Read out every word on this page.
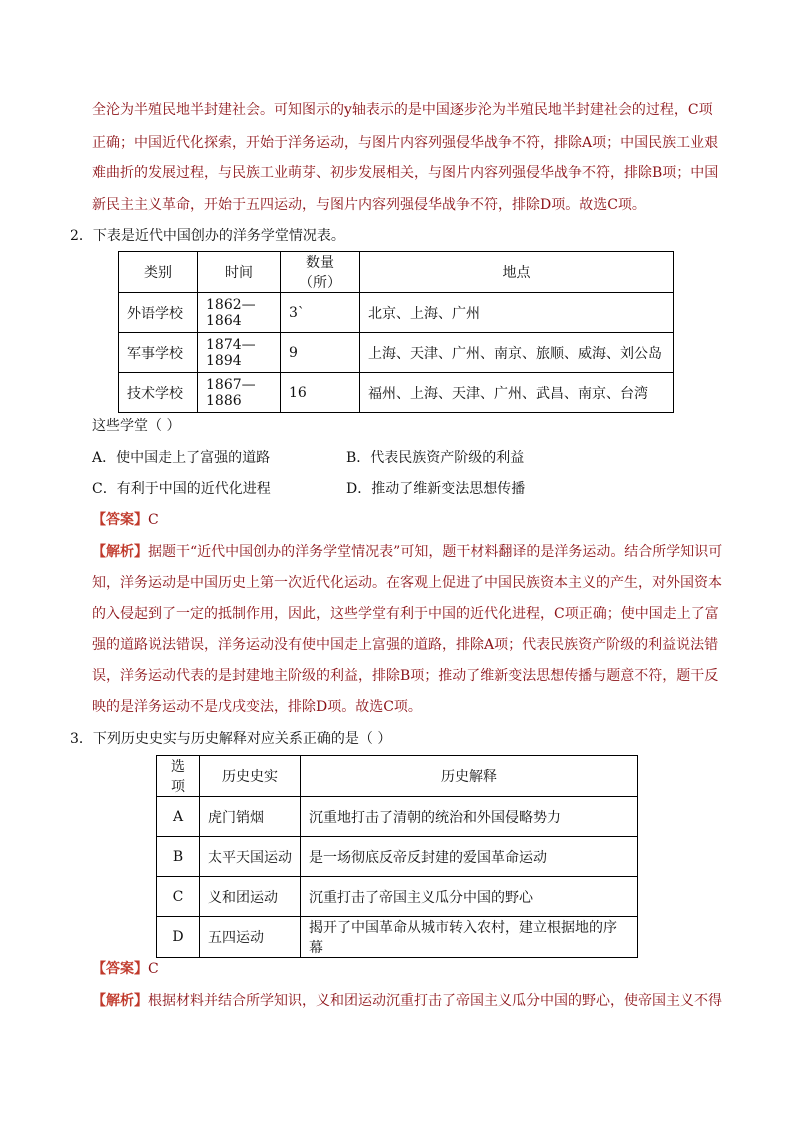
全沦为半殖民地半封建社会。可知图示的y轴表示的是中国逐步沦为半殖民地半封建社会的过程，C项
正确；中国近代化探索，开始于洋务运动，与图片内容列强侵华战争不符，排除A项；中国民族工业艰
难曲折的发展过程，与民族工业萌芽、初步发展相关，与图片内容列强侵华战争不符，排除B项；中国
新民主主义革命，开始于五四运动，与图片内容列强侵华战争不符，排除D项。故选C项。
2．下表是近代中国创办的洋务学堂情况表。
类别	时间	数量（所）	地点
外语学校	1862—1864	3`	北京、上海、广州
军事学校	1874—1894	9	上海、天津、广州、南京、旅顺、威海、刘公岛
技术学校	1867—1886	16	福州、上海、天津、广州、武昌、南京、台湾
这些学堂（ ）
A．使中国走上了富强的道路	B．代表民族资产阶级的利益
C．有利于中国的近代化进程	D．推动了维新变法思想传播
【答案】C
【解析】据题干“近代中国创办的洋务学堂情况表”可知，题干材料翻译的是洋务运动。结合所学知识可
知，洋务运动是中国历史上第一次近代化运动。在客观上促进了中国民族资本主义的产生，对外国资本
的入侵起到了一定的抵制作用，因此，这些学堂有利于中国的近代化进程，C项正确；使中国走上了富
强的道路说法错误，洋务运动没有使中国走上富强的道路，排除A项；代表民族资产阶级的利益说法错
误，洋务运动代表的是封建地主阶级的利益，排除B项；推动了维新变法思想传播与题意不符，题干反
映的是洋务运动不是戊戌变法，排除D项。故选C项。
3．下列历史史实与历史解释对应关系正确的是（ ）
选项	历史史实	历史解释
A	虎门销烟	沉重地打击了清朝的统治和外国侵略势力
B	太平天国运动	是一场彻底反帝反封建的爱国革命运动
C	义和团运动	沉重打击了帝国主义瓜分中国的野心
D	五四运动	揭开了中国革命从城市转入农村，建立根据地的序幕
【答案】C
【解析】根据材料并结合所学知识，义和团运动沉重打击了帝国主义瓜分中国的野心，使帝国主义不得
